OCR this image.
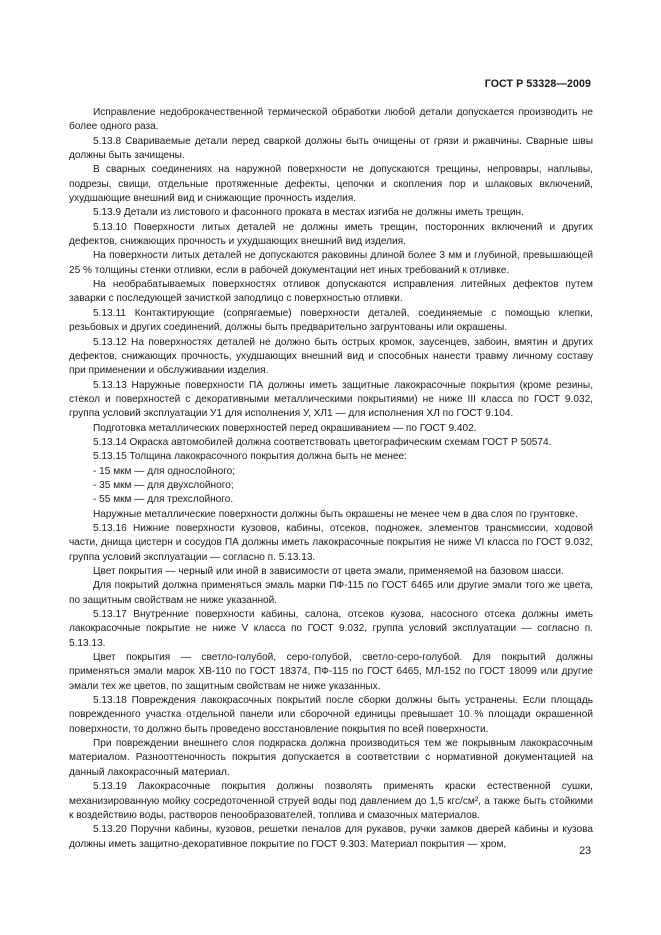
ГОСТ Р 53328—2009

Исправление недоброкачественной термической обработки любой детали допускается производить не более одного раза.

5.13.8 Свариваемые детали перед сваркой должны быть очищены от грязи и ржавчины. Сварные швы должны быть зачищены.

В сварных соединениях на наружной поверхности не допускаются трещины, непровары, наплывы, подрезы, свищи, отдельные протяженные дефекты, цепочки и скопления пор и шлаковых включений, ухудшающие внешний вид и снижающие прочность изделия.

5.13.9 Детали из листового и фасонного проката в местах изгиба не должны иметь трещин.

5.13.10 Поверхности литых деталей не должны иметь трещин, посторонних включений и других дефектов, снижающих прочность и ухудшающих внешний вид изделия.

На поверхности литых деталей не допускаются раковины длиной более 3 мм и глубиной, превышающей 25 % толщины стенки отливки, если в рабочей документации нет иных требований к отливке.

На необрабатываемых поверхностях отливок допускаются исправления литейных дефектов путем заварки с последующей зачисткой заподлицо с поверхностью отливки.

5.13.11 Контактирующие (сопрягаемые) поверхности деталей, соединяемые с помощью клепки, резьбовых и других соединений, должны быть предварительно загрунтованы или окрашены.

5.13.12 На поверхностях деталей не должно быть острых кромок, заусенцев, забоин, вмятин и других дефектов, снижающих прочность, ухудшающих внешний вид и способных нанести травму личному составу при применении и обслуживании изделия.

5.13.13 Наружные поверхности ПА должны иметь защитные лакокрасочные покрытия (кроме резины, стекол и поверхностей с декоративными металлическими покрытиями) не ниже III класса по ГОСТ 9.032, группа условий эксплуатации У1 для исполнения У, ХЛ1 — для исполнения ХЛ по ГОСТ 9.104.

Подготовка металлических поверхностей перед окрашиванием — по ГОСТ 9.402.

5.13.14 Окраска автомобилей должна соответствовать цветографическим схемам ГОСТ Р 50574.

5.13.15 Толщина лакокрасочного покрытия должна быть не менее:

- 15 мкм — для однослойного;

- 35 мкм — для двухслойного;

- 55 мкм — для трехслойного.

Наружные металлические поверхности должны быть окрашены не менее чем в два слоя по грунтовке.

5.13.16 Нижние поверхности кузовов, кабины, отсеков, подножек, элементов трансмиссии, ходовой части, днища цистерн и сосудов ПА должны иметь лакокрасочные покрытия не ниже VI класса по ГОСТ 9.032, группа условий эксплуатации — согласно п. 5.13.13.

Цвет покрытия — черный или иной в зависимости от цвета эмали, применяемой на базовом шасси.

Для покрытий должна применяться эмаль марки ПФ-115 по ГОСТ 6465 или другие эмали того же цвета, по защитным свойствам не ниже указанной.

5.13.17 Внутренние поверхности кабины, салона, отсеков кузова, насосного отсека должны иметь лакокрасочные покрытие не ниже V класса по ГОСТ 9.032, группа условий эксплуатации — согласно п. 5.13.13.

Цвет покрытия — светло-голубой, серо-голубой, светло-серо-голубой. Для покрытий должны применяться эмали марок ХВ-110 по ГОСТ 18374, ПФ-115 по ГОСТ 6465, МЛ-152 по ГОСТ 18099 или другие эмали тех же цветов, по защитным свойствам не ниже указанных.

5.13.18 Повреждения лакокрасочных покрытий после сборки должны быть устранены. Если площадь поврежденного участка отдельной панели или сборочной единицы превышает 10 % площади окрашенной поверхности, то должно быть проведено восстановление покрытия по всей поверхности.

При повреждении внешнего слоя подкраска должна производиться тем же покрывным лакокрасочным материалом. Разнооттеночность покрытия допускается в соответствии с нормативной документацией на данный лакокрасочный материал.

5.13.19 Лакокрасочные покрытия должны позволять применять краски естественной сушки, механизированную мойку сосредоточенной струей воды под давлением до 1,5 кгс/см², а также быть стойкими к воздействию воды, растворов пенообразователей, топлива и смазочных материалов.

5.13.20 Поручни кабины, кузовов, решетки пеналов для рукавов, ручки замков дверей кабины и кузова должны иметь защитно-декоративное покрытие по ГОСТ 9.303. Материал покрытия — хром,

23
